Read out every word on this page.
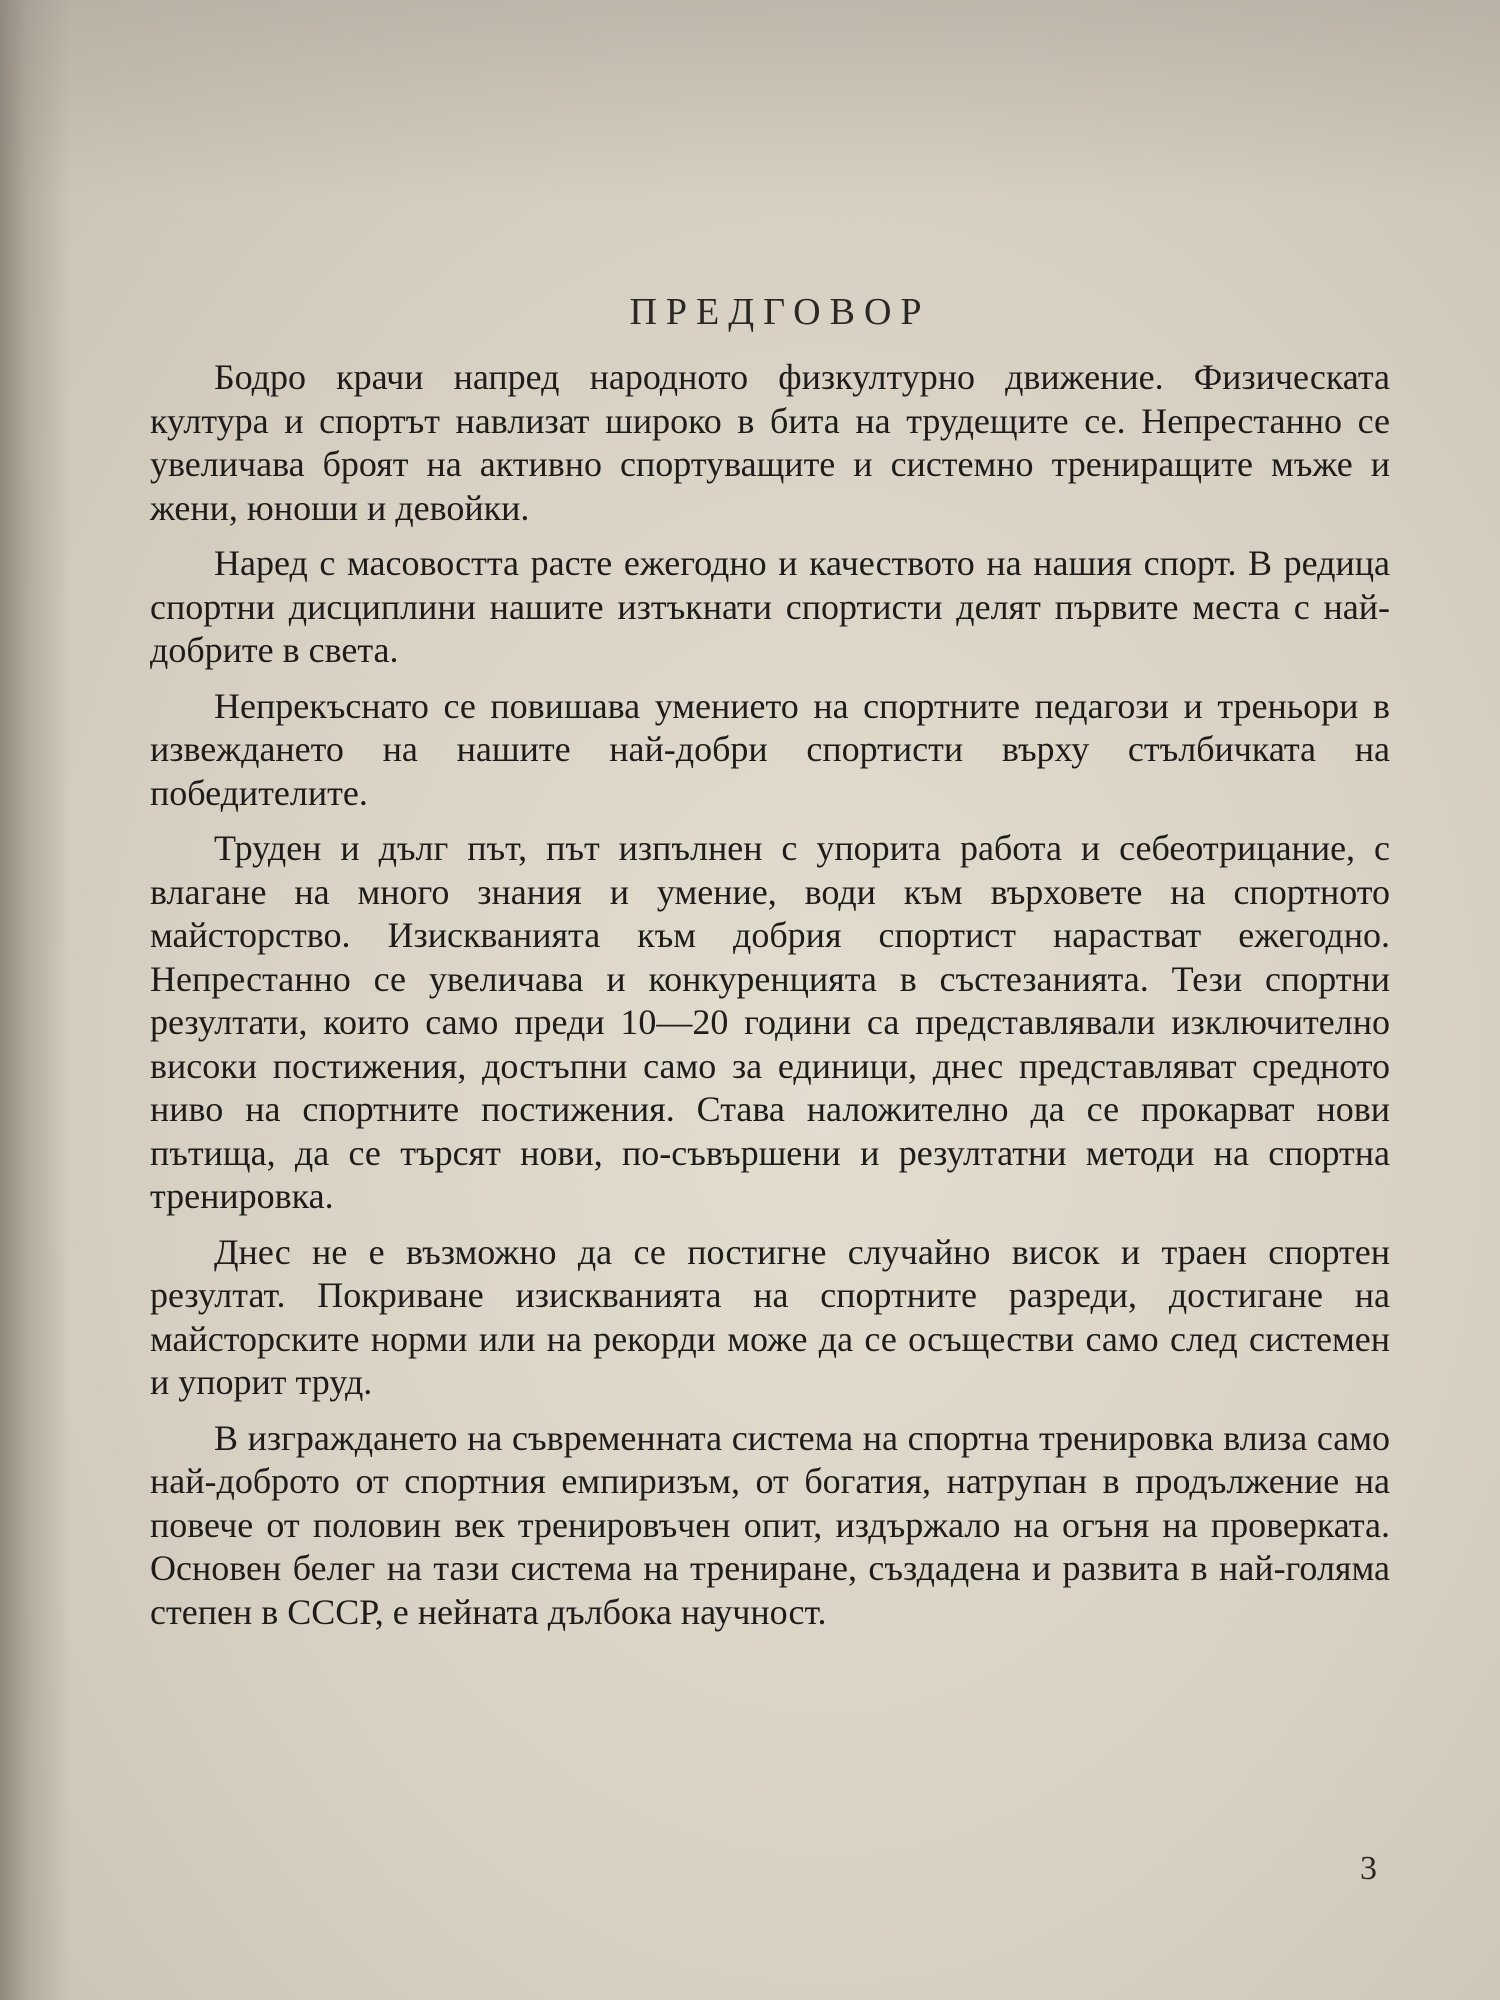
ПРЕДГОВОР

Бодро крачи напред народното физкултурно движение. Физическата култура и спортът навлизат широко в бита на трудещите се. Непрестанно се увеличава броят на активно спортуващите и системно трениращите мъже и жени, юноши и девойки.

Наред с масовостта расте ежегодно и качеството на нашия спорт. В редица спортни дисциплини нашите изтъкнати спортисти делят първите места с най-добрите в света.

Непрекъснато се повишава умението на спортните педагози и треньори в извеждането на нашите най-добри спортисти върху стълбичката на победителите.

Труден и дълг път, път изпълнен с упорита работа и себеотрицание, с влагане на много знания и умение, води към върховете на спортното майсторство. Изискванията към добрия спортист нарастват ежегодно. Непрестанно се увеличава и конкуренцията в състезанията. Тези спортни резултати, които само преди 10—20 години са представлявали изключително високи постижения, достъпни само за единици, днес представляват средното ниво на спортните постижения. Става наложително да се прокарват нови пътища, да се търсят нови, по-съвършени и резултатни методи на спортна тренировка.

Днес не е възможно да се постигне случайно висок и траен спортен резултат. Покриване изискванията на спортните разреди, достигане на майсторските норми или на рекорди може да се осъществи само след системен и упорит труд.

В изграждането на съвременната система на спортна тренировка влиза само най-доброто от спортния емпиризъм, от богатия, натрупан в продължение на повече от половин век тренировъчен опит, издържало на огъня на проверката. Основен белег на тази система на трениране, създадена и развита в най-голяма степен в СССР, е нейната дълбока научност.

3
